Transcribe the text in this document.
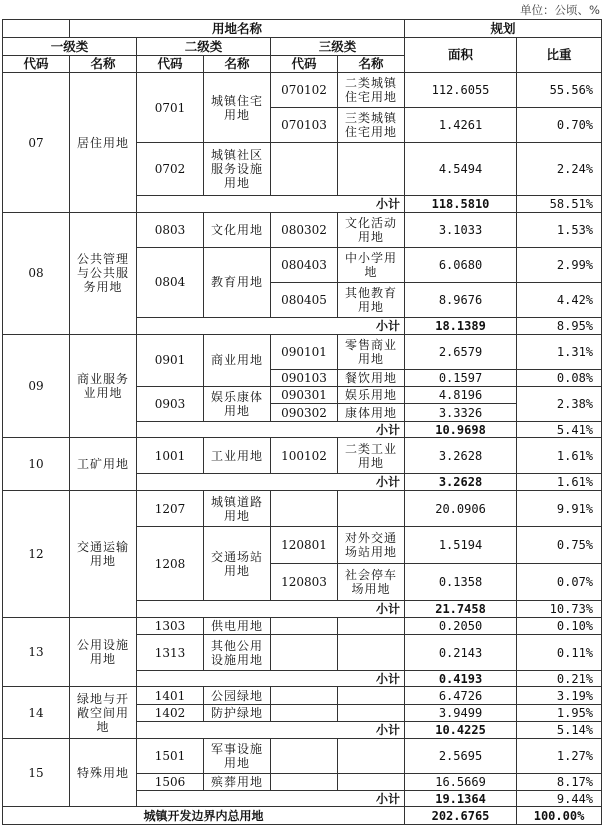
单位：公顷、%
	用地名称					规划	
一级类		二级类		三级类		面积	比重
代码	名称	代码	名称	代码	名称		
07	居住用地	0701	城镇住宅用地	070102	二类城镇住宅用地	112.6055	55.56%
				070103	三类城镇住宅用地	1.4261	0.70%
		0702	城镇社区服务设施用地			4.5494	2.24%
		小计				118.5810	58.51%
08	公共管理与公共服务用地	0803	文化用地	080302	文化活动用地	3.1033	1.53%
		0804	教育用地	080403	中小学用地	6.0680	2.99%
				080405	其他教育用地	8.9676	4.42%
		小计				18.1389	8.95%
09	商业服务业用地	0901	商业用地	090101	零售商业用地	2.6579	1.31%
				090103	餐饮用地	0.1597	0.08%
		0903	娱乐康体用地	090301	娱乐用地	4.8196	2.38%
				090302	康体用地	3.3326	
		小计				10.9698	5.41%
10	工矿用地	1001	工业用地	100102	二类工业用地	3.2628	1.61%
		小计				3.2628	1.61%
12	交通运输用地	1207	城镇道路用地			20.0906	9.91%
		1208	交通场站用地	120801	对外交通场站用地	1.5194	0.75%
				120803	社会停车场用地	0.1358	0.07%
		小计				21.7458	10.73%
13	公用设施用地	1303	供电用地			0.2050	0.10%
		1313	其他公用设施用地			0.2143	0.11%
		小计				0.4193	0.21%
14	绿地与开敞空间用地	1401	公园绿地			6.4726	3.19%
		1402	防护绿地			3.9499	1.95%
		小计				10.4225	5.14%
15	特殊用地	1501	军事设施用地			2.5695	1.27%
		1506	殡葬用地			16.5669	8.17%
		小计				19.1364	9.44%
城镇开发边界内总用地						202.6765	100.00%
